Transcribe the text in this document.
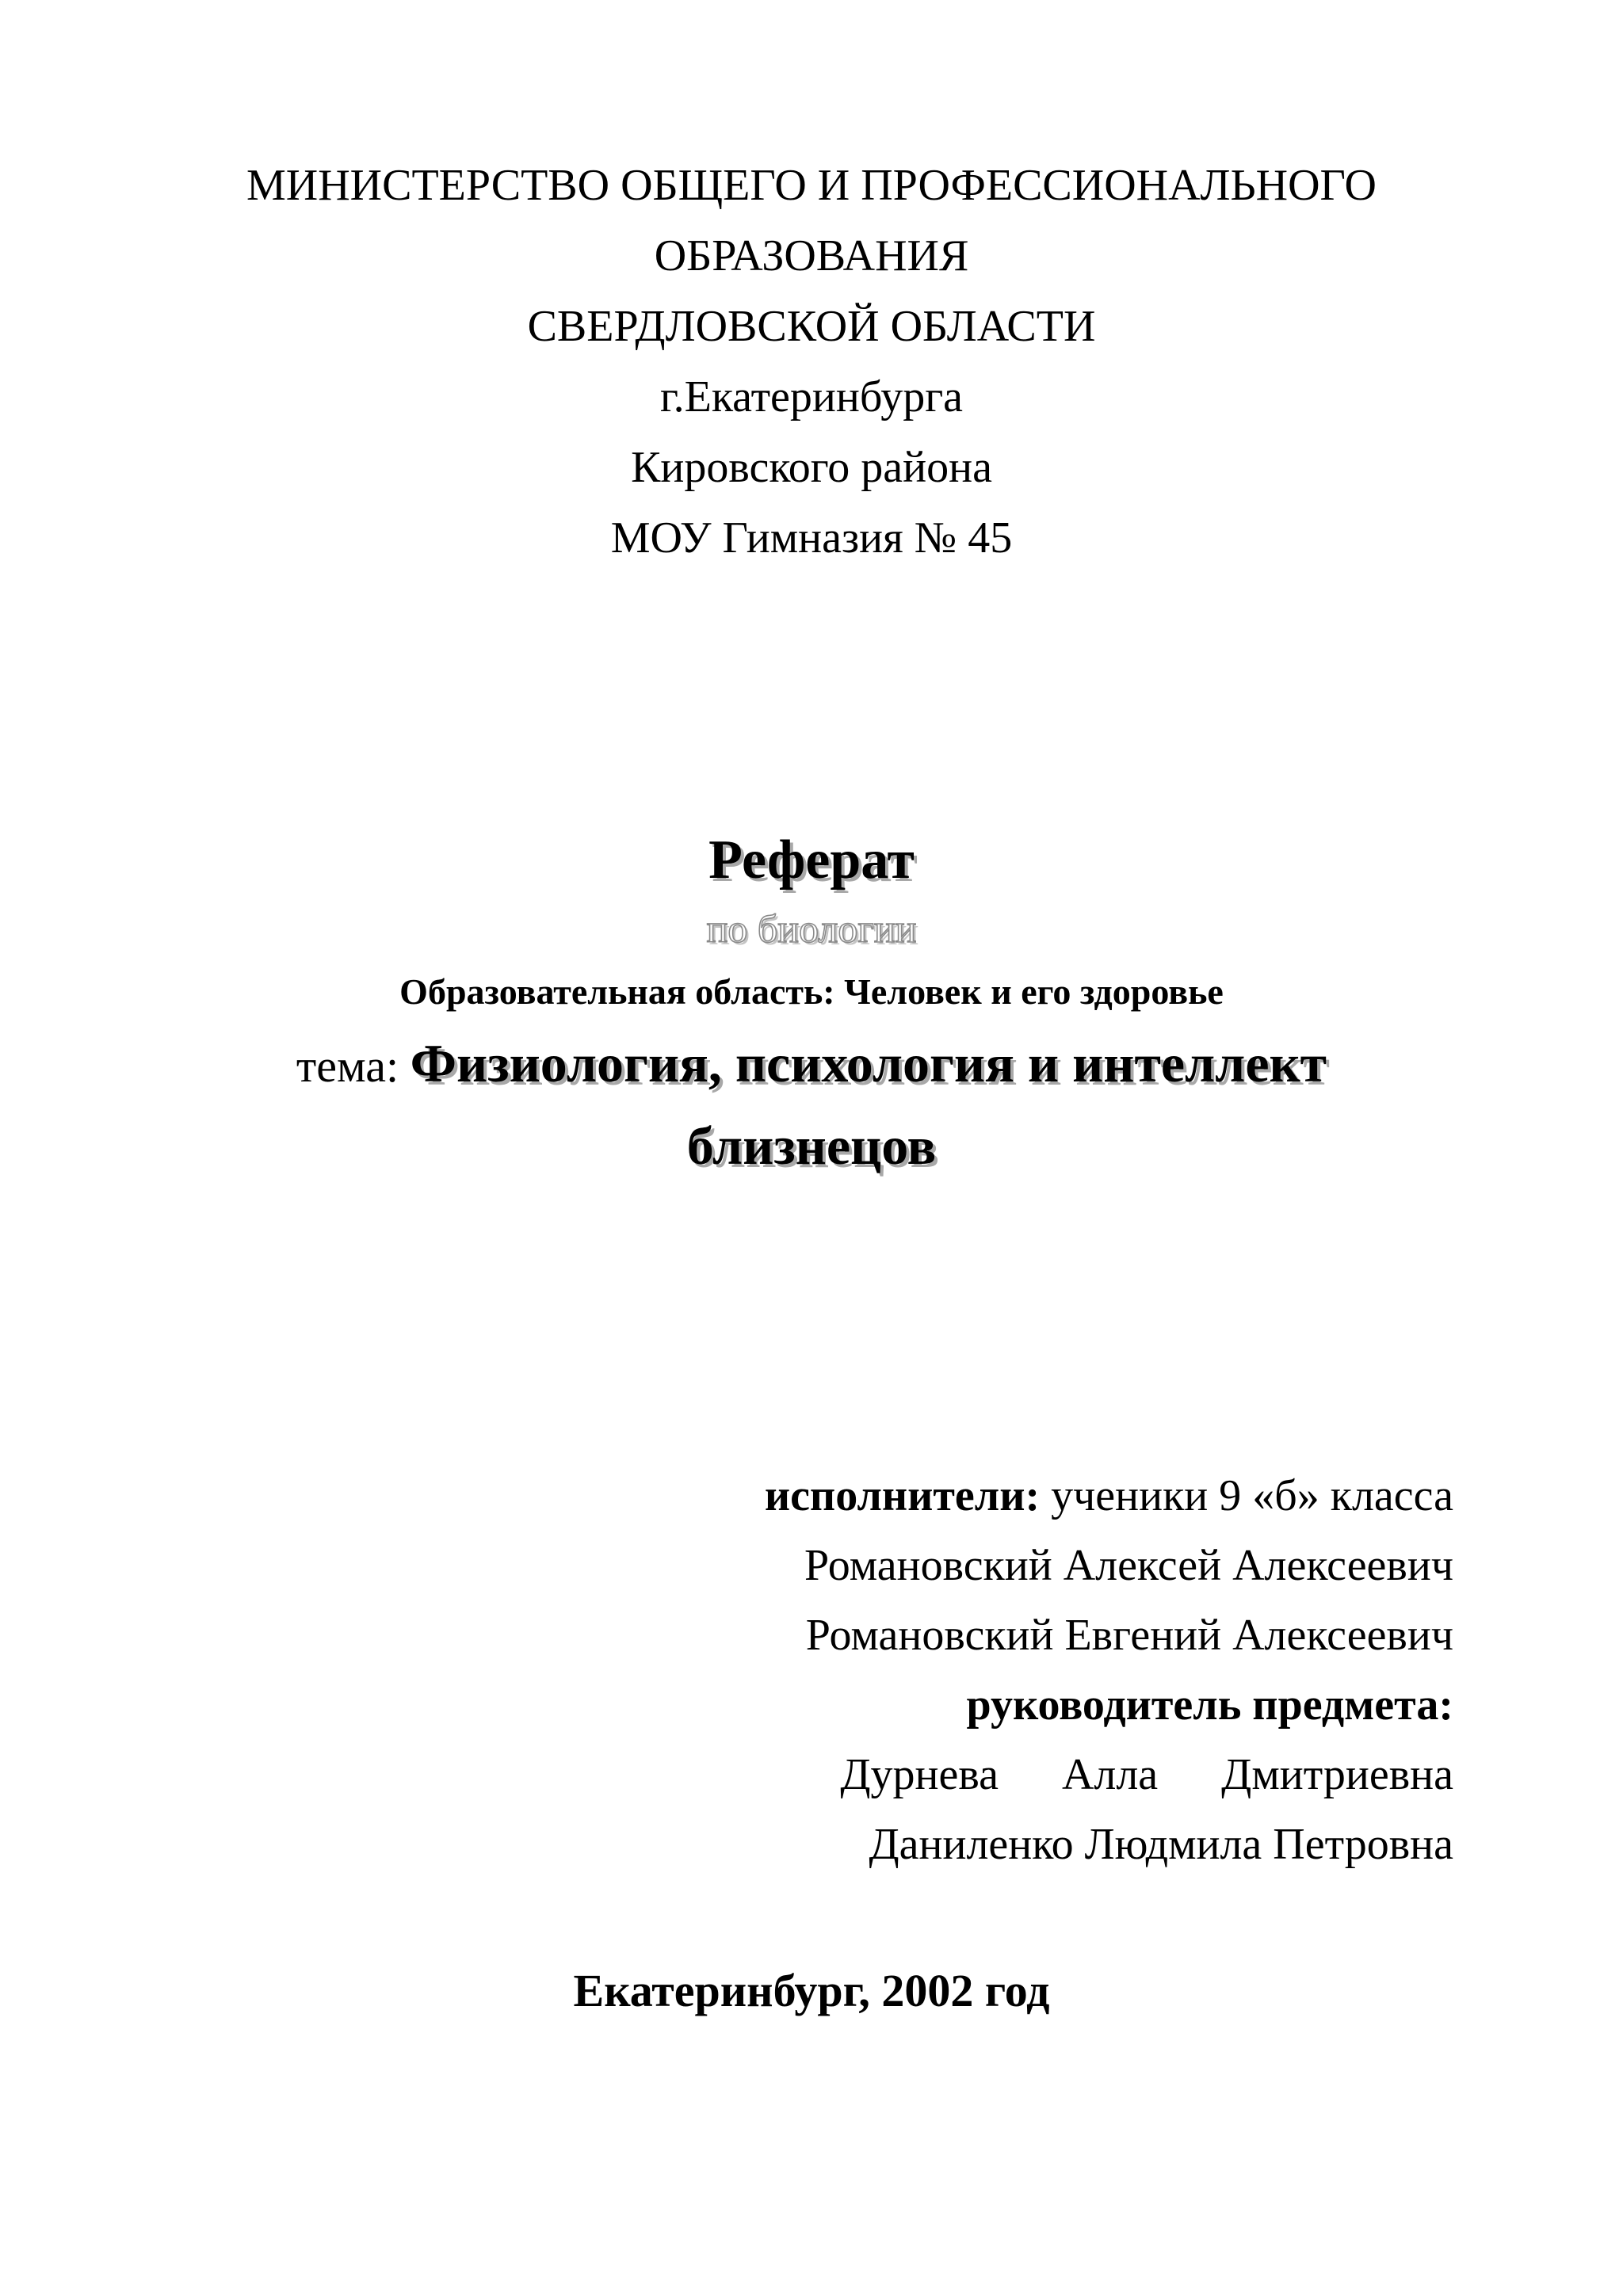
МИНИСТЕРСТВО ОБЩЕГО И ПРОФЕССИОНАЛЬНОГО
ОБРАЗОВАНИЯ
СВЕРДЛОВСКОЙ ОБЛАСТИ
г.Екатеринбурга
Кировского района
МОУ Гимназия № 45
Реферат
по биологии
Образовательная область: Человек и его здоровье
тема: Физиология, психология и интеллект
близнецов
исполнители: ученики 9 «б» класса
Романовский Алексей Алексеевич
Романовский Евгений Алексеевич
руководитель предмета:
Дурнева Алла Дмитриевна
Даниленко Людмила Петровна
Екатеринбург, 2002 год
